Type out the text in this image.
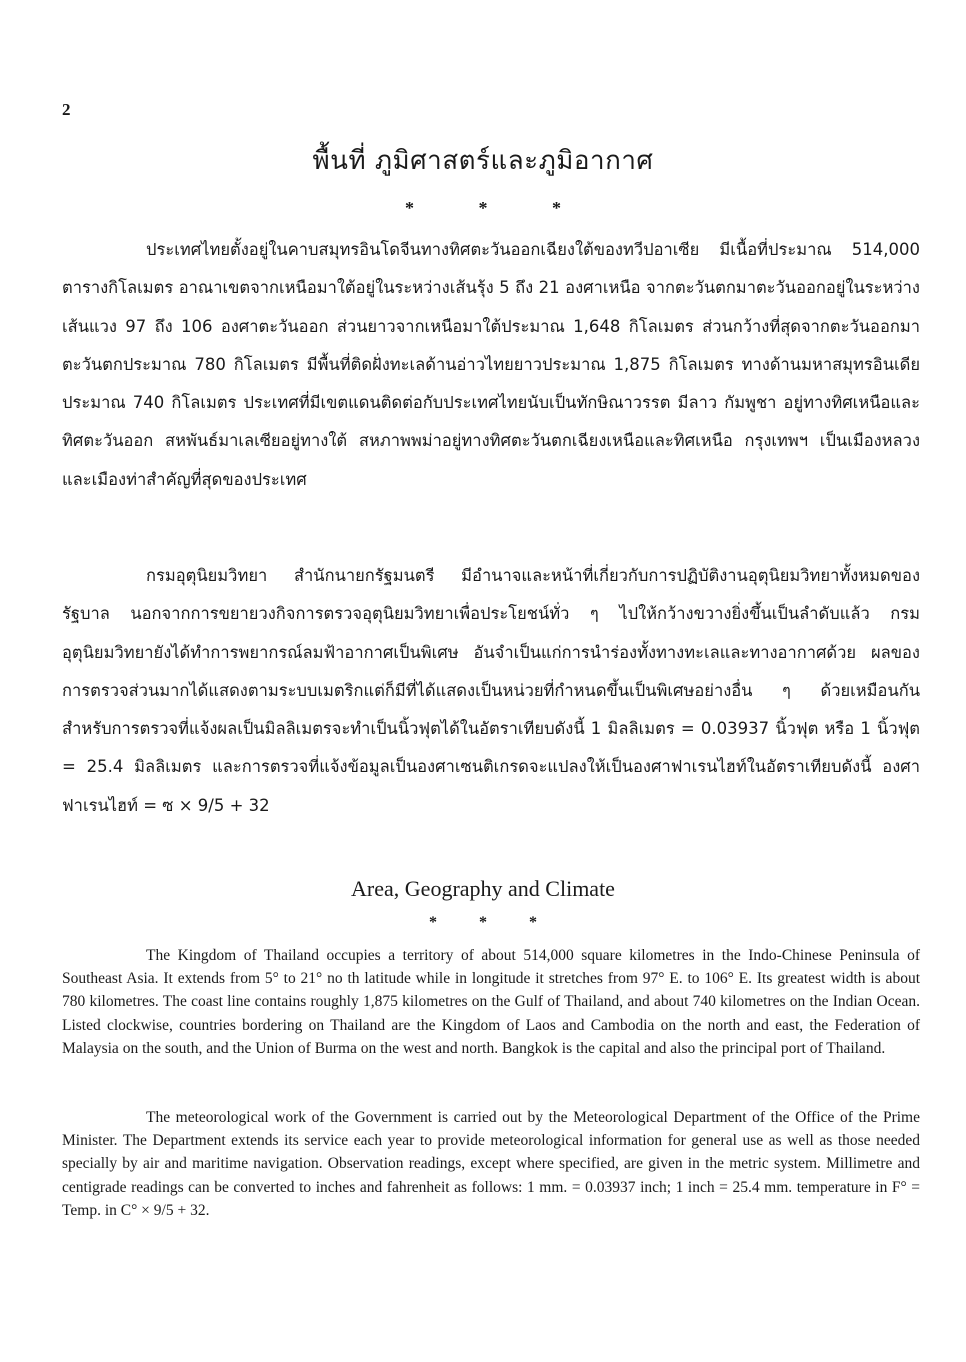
2
พื้นที่ ภูมิศาสตร์และภูมิอากาศ
* * *

ประเทศไทยตั้งอยู่ในคาบสมุทรอินโดจีนทางทิศตะวันออกเฉียงใต้ของทวีปอาเซีย มีเนื้อที่ประมาณ 514,000 ตารางกิโลเมตร อาณาเขตจากเหนือมาใต้อยู่ในระหว่างเส้นรุ้ง 5 ถึง 21 องศาเหนือ จากตะวันตกมาตะวันออกอยู่ในระหว่างเส้นแวง 97 ถึง 106 องศาตะวันออก ส่วนยาวจากเหนือมาใต้ประมาณ 1,648 กิโลเมตร ส่วนกว้างที่สุดจากตะวันออกมาตะวันตกประมาณ 780 กิโลเมตร มีพื้นที่ติดฝั่งทะเลด้านอ่าวไทยยาวประมาณ 1,875 กิโลเมตร ทางด้านมหาสมุทรอินเดียประมาณ 740 กิโลเมตร ประเทศที่มีเขตแดนติดต่อกับประเทศไทยนับเป็นทักษิณาวรรต มีลาว กัมพูชา อยู่ทางทิศเหนือและทิศตะวันออก สหพันธ์มาเลเซียอยู่ทางใต้ สหภาพพม่าอยู่ทางทิศตะวันตกเฉียงเหนือและทิศเหนือ กรุงเทพฯ เป็นเมืองหลวงและเมืองท่าสำคัญที่สุดของประเทศ

กรมอุตุนิยมวิทยา สำนักนายกรัฐมนตรี มีอำนาจและหน้าที่เกี่ยวกับการปฏิบัติงานอุตุนิยมวิทยาทั้งหมดของรัฐบาล นอกจากการขยายวงกิจการตรวจอุตุนิยมวิทยาเพื่อประโยชน์ทั่ว ๆ ไปให้กว้างขวางยิ่งขึ้นเป็นลำดับแล้ว กรมอุตุนิยมวิทยายังได้ทำการพยากรณ์ลมฟ้าอากาศเป็นพิเศษ อันจำเป็นแก่การนำร่องทั้งทางทะเลและทางอากาศด้วย ผลของการตรวจส่วนมากได้แสดงตามระบบเมตริกแต่ก็มีที่ได้แสดงเป็นหน่วยที่กำหนดขึ้นเป็นพิเศษอย่างอื่น ๆ ด้วยเหมือนกัน สำหรับการตรวจที่แจ้งผลเป็นมิลลิเมตรจะทำเป็นนิ้วฟุตได้ในอัตราเทียบดังนี้ 1 มิลลิเมตร = 0.03937 นิ้วฟุต หรือ 1 นิ้วฟุต = 25.4 มิลลิเมตร และการตรวจที่แจ้งข้อมูลเป็นองศาเซนติเกรดจะแปลงให้เป็นองศาฟาเรนไฮท์ในอัตราเทียบดังนี้ องศาฟาเรนไฮท์ = ซ × 9/5 + 32

Area, Geography and Climate
* * *

The Kingdom of Thailand occupies a territory of about 514,000 square kilometres in the Indo-Chinese Peninsula of Southeast Asia. It extends from 5° to 21° no th latitude while in longitude it stretches from 97° E. to 106° E. Its greatest width is about 780 kilometres. The coast line contains roughly 1,875 kilometres on the Gulf of Thailand, and about 740 kilometres on the Indian Ocean. Listed clockwise, countries bordering on Thailand are the Kingdom of Laos and Cambodia on the north and east, the Federation of Malaysia on the south, and the Union of Burma on the west and north. Bangkok is the capital and also the principal port of Thailand.

The meteorological work of the Government is carried out by the Meteorological Department of the Office of the Prime Minister. The Department extends its service each year to provide meteorological information for general use as well as those needed specially by air and maritime navigation. Observation readings, except where specified, are given in the metric system. Millimetre and centigrade readings can be converted to inches and fahrenheit as follows: 1 mm. = 0.03937 inch; 1 inch = 25.4 mm. temperature in F° = Temp. in C° × 9/5 + 32.
